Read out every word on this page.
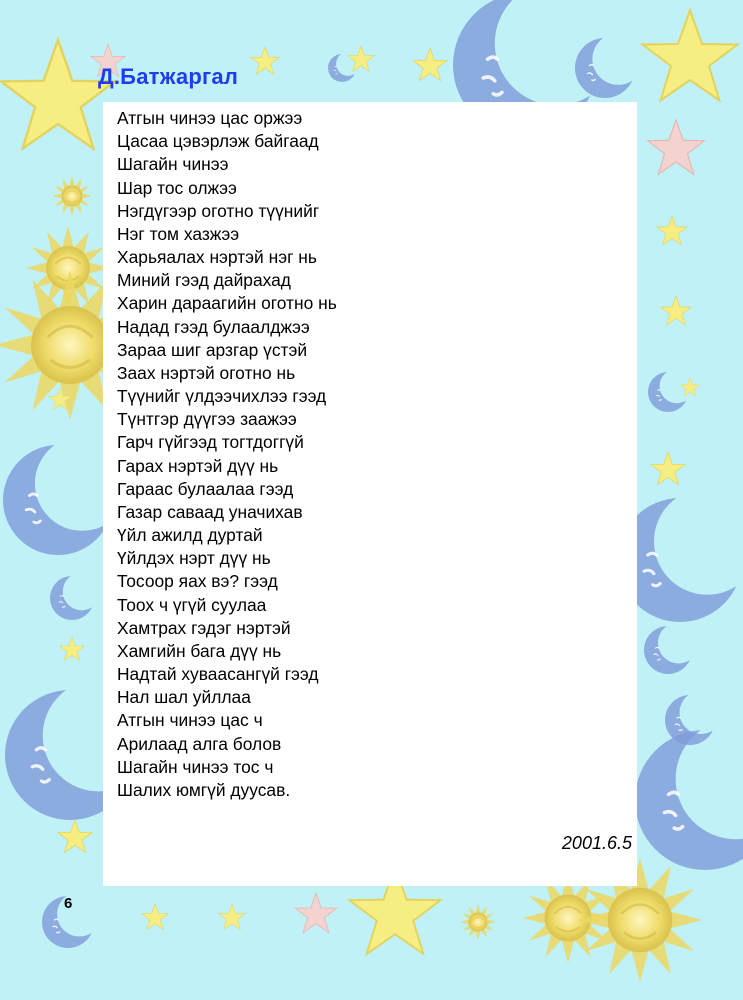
Д.Батжаргал
Атгын чинээ цас оржээ
Цасаа цэвэрлэж байгаад
Шагайн чинээ
Шар тос олжээ
Нэгдүгээр оготно түүнийг
Нэг том хазжээ
Харьяалах нэртэй нэг нь
Миний гээд дайрахад
Харин дараагийн оготно нь
Надад гээд булаалджээ
Зараа шиг арзгар үстэй
Заах нэртэй оготно нь
Түүнийг үлдээчихлээ гээд
Түнтгэр дүүгээ заажээ
Гарч гүйгээд тогтдоггүй
Гарах нэртэй дүү нь
Гараас булаалаа гээд
Газар саваад уначихав
Үйл ажилд дуртай
Үйлдэх нэрт дүү нь
Тосоор яах вэ? гээд
Тоох ч үгүй суулаа
Хамтрах гэдэг нэртэй
Хамгийн бага дүү нь
Надтай хуваасангүй гээд
Нал шал уйллаа
Атгын чинээ цас ч
Арилаад алга болов
Шагайн чинээ тос ч
Шалих юмгүй дуусав.
2001.6.5
6
